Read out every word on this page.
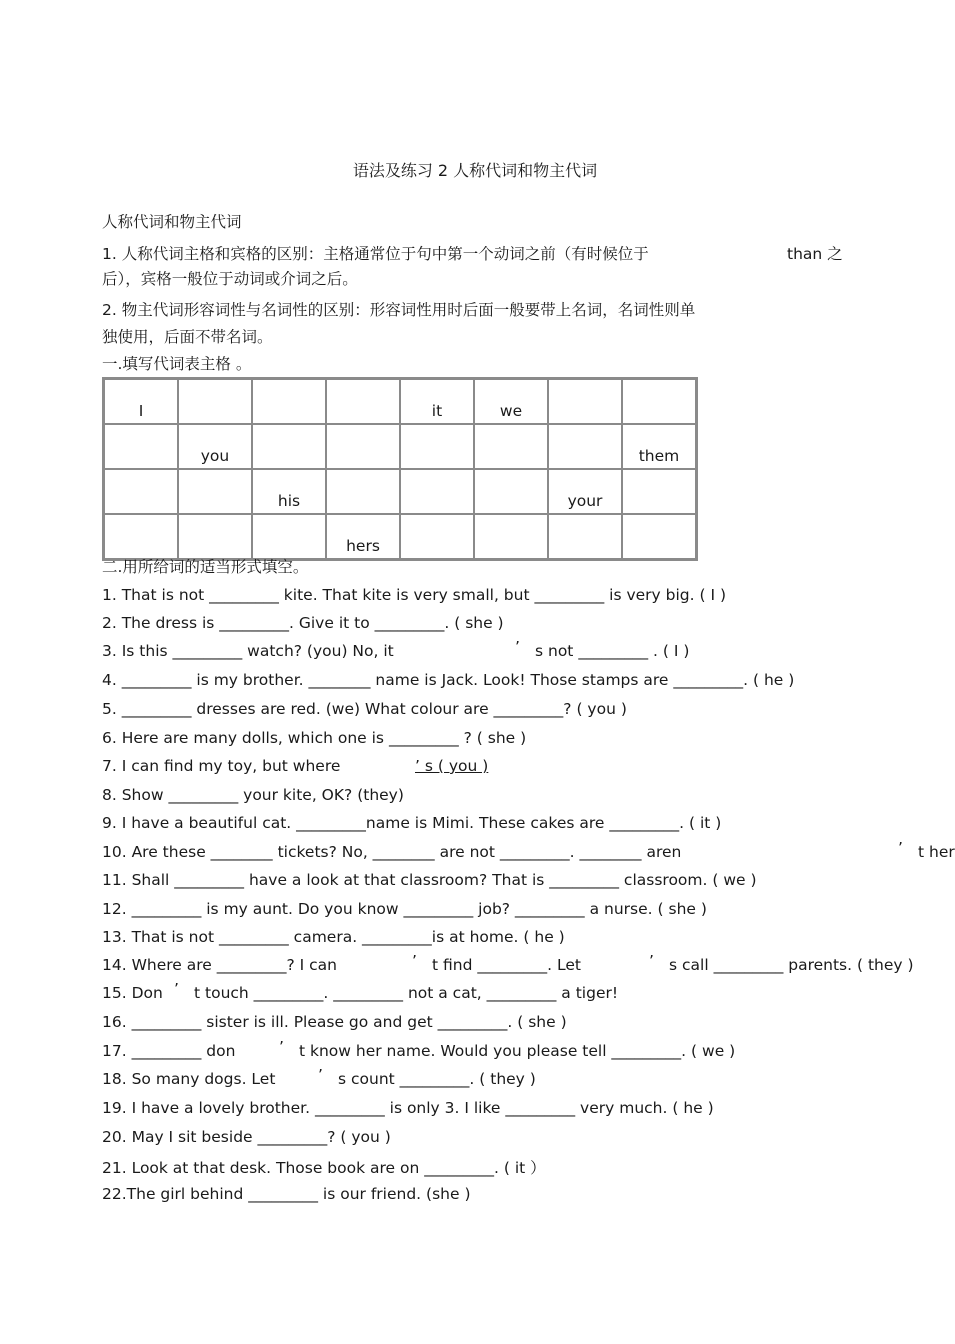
语法及练习 2 人称代词和物主代词
人称代词和物主代词
1. 人称代词主格和宾格的区别：主格通常位于句中第一个动词之前（有时候位于	than 之
后），宾格一般位于动词或介词之后。
2. 物主代词形容词性与名词性的区别：形容词性用时后面一般要带上名词，名词性则单
独使用，后面不带名词。
一.填写代词表主格 。
I				it	we		
	you						them
		his				your	
			hers				
二.用所给词的适当形式填空。
1. That is not _________ kite. That kite is very small, but _________ is very big. ( I )
2. The dress is _________. Give it to _________. ( she )
3. Is this _________ watch? (you) No, it	’ s not _________ . ( I )
4. _________ is my brother. ________ name is Jack. Look! Those stamps are _________. ( he )
5. _________ dresses are red. (we) What colour are _________? ( you )
6. Here are many dolls, which one is _________ ? ( she )
7. I can find my toy, but where	’ s ( you )
8. Show _________ your kite, OK? (they)
9. I have a beautiful cat. _________name is Mimi. These cakes are _________. ( it )
10. Are these ________ tickets? No, ________ are not _________. ________ aren	’ t her
11. Shall _________ have a look at that classroom? That is _________ classroom. ( we )
12. _________ is my aunt. Do you know _________ job? _________ a nurse. ( she )
13. That is not _________ camera. _________is at home. ( he )
14. Where are _________? I can	’ t find _________. Let	’ s call _________ parents. ( they )
15. Don ’ t touch _________. _________ not a cat, _________ a tiger!
16. _________ sister is ill. Please go and get _________. ( she )
17. _________ don	’ t know her name. Would you please tell _________. ( we )
18. So many dogs. Let	’ s count _________. ( they )
19. I have a lovely brother. _________ is only 3. I like _________ very much. ( he )
20. May I sit beside _________? ( you )
21. Look at that desk. Those book are on _________. ( it ）
22.The girl behind _________ is our friend. (she )
